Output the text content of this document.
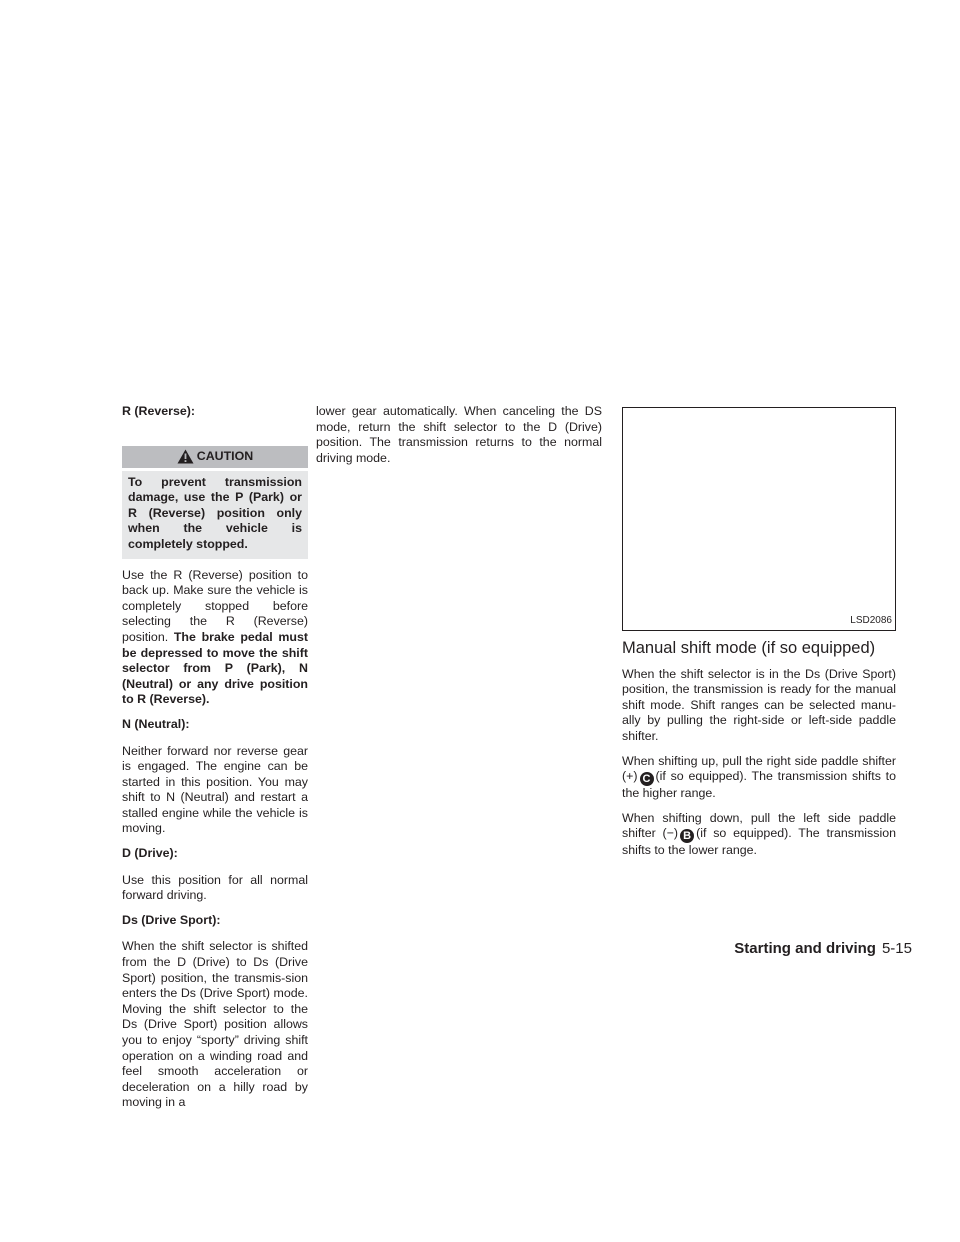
R (Reverse):
CAUTION
To prevent transmission damage, use the P (Park) or R (Reverse) position only when the vehicle is completely stopped.

Use the R (Reverse) position to back up. Make sure the vehicle is completely stopped before selecting the R (Reverse) position. The brake pedal must be depressed to move the shift selector from P (Park), N (Neutral) or any drive position to R (Reverse).

N (Neutral):

Neither forward nor reverse gear is engaged. The engine can be started in this position. You may shift to N (Neutral) and restart a stalled engine while the vehicle is moving.

D (Drive):

Use this position for all normal forward driving.

Ds (Drive Sport):

When the shift selector is shifted from the D (Drive) to Ds (Drive Sport) position, the transmis-sion enters the Ds (Drive Sport) mode. Moving the shift selector to the Ds (Drive Sport) position allows you to enjoy “sporty” driving shift operation on a winding road and feel smooth acceleration or deceleration on a hilly road by moving in a

lower gear automatically. When canceling the DS mode, return the shift selector to the D (Drive) position. The transmission returns to the normal driving mode.

LSD2086
Manual shift mode (if so equipped)

When the shift selector is in the Ds (Drive Sport) position, the transmission is ready for the manual shift mode. Shift ranges can be selected manu-ally by pulling the right-side or left-side paddle shifter.

When shifting up, pull the right side paddle shifter (+) C (if so equipped). The transmission shifts to the higher range.

When shifting down, pull the left side paddle shifter (−) B (if so equipped). The transmission shifts to the lower range.

Starting and driving 5-15
